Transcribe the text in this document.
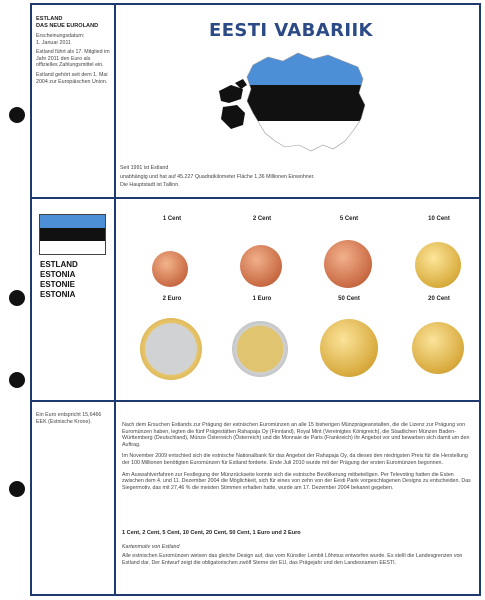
ESTLAND
DAS NEUE EUROLAND

Erscheinungsdatum:
1. Januar 2011

Estland führt als 17. Mitglied im Jahr 2011 den Euro als offizielles Zahlungsmittel ein.

Estland gehört seit dem 1. Mai 2004 zur Europäischen Union.

EESTI VABARIIK

Seit 1991 ist Estland

unabhängig und hat auf 45.227 Quadratkilometer Fläche 1,36 Millionen Einwohner.

Die Hauptstadt ist Tallinn.

ESTLAND
ESTONIA
ESTONIE
ESTONIA
1 Cent	2 Cent	5 Cent	10 Cent
2 Euro	1 Euro	50 Cent	20 Cent
Ein Euro entspricht 15,6466 EEK (Estnische Krone).

Nach dem Ersuchen Estlands zur Prägung der estnischen Euromünzen an alle 15 bisherigen Münzprägeanstalten, die die Lizenz zur Prägung von Euromünzen haben, legten die fünf Prägestätten Rahapaja Oy (Finnland), Royal Mint (Vereinigtes Königreich), die Staatlichen Münzen Baden-Württemberg (Deutschland), Münze Österreich (Österreich) und die Monnaie de Paris (Frankreich) ihr Angebot vor und bewarben sich damit um den Auftrag.

Im November 2009 entschied sich die estnische Nationalbank für das Angebot der Rahapaja Oy, da dieses den niedrigsten Preis für die Herstellung der 100 Millionen benötigten Euromünzen für Estland forderte. Ende Juli 2010 wurde mit der Prägung der ersten Euromünzen begonnen.

Am Auswahlverfahren zur Festlegung der Münzrückseite konnte sich die estnische Bevölkerung mitbeteiligen. Per Televoting hatten die Esten zwischen dem 4. und 11. Dezember 2004 die Möglichkeit, sich für eines von zehn von der Eesti Pank vorgeschlagenen Designs zu entscheiden. Das Siegermotiv, das mit 27,46 % die meisten Stimmen erhalten hatte, wurde am 17. Dezember 2004 bekannt gegeben.

1 Cent, 2 Cent, 5 Cent, 10 Cent, 20 Cent, 50 Cent, 1 Euro und 2 Euro
Kartenmotiv von Estland
Alle estnischen Euromünzen weisen das gleiche Design auf, das vom Künstler Lembit Lõhmus entworfen wurde. Es stellt die Landesgrenzen von Estland dar. Der Entwurf zeigt die obligatorischen zwölf Sterne der EU, das Prägejahr und den Landesnamen EESTI.
